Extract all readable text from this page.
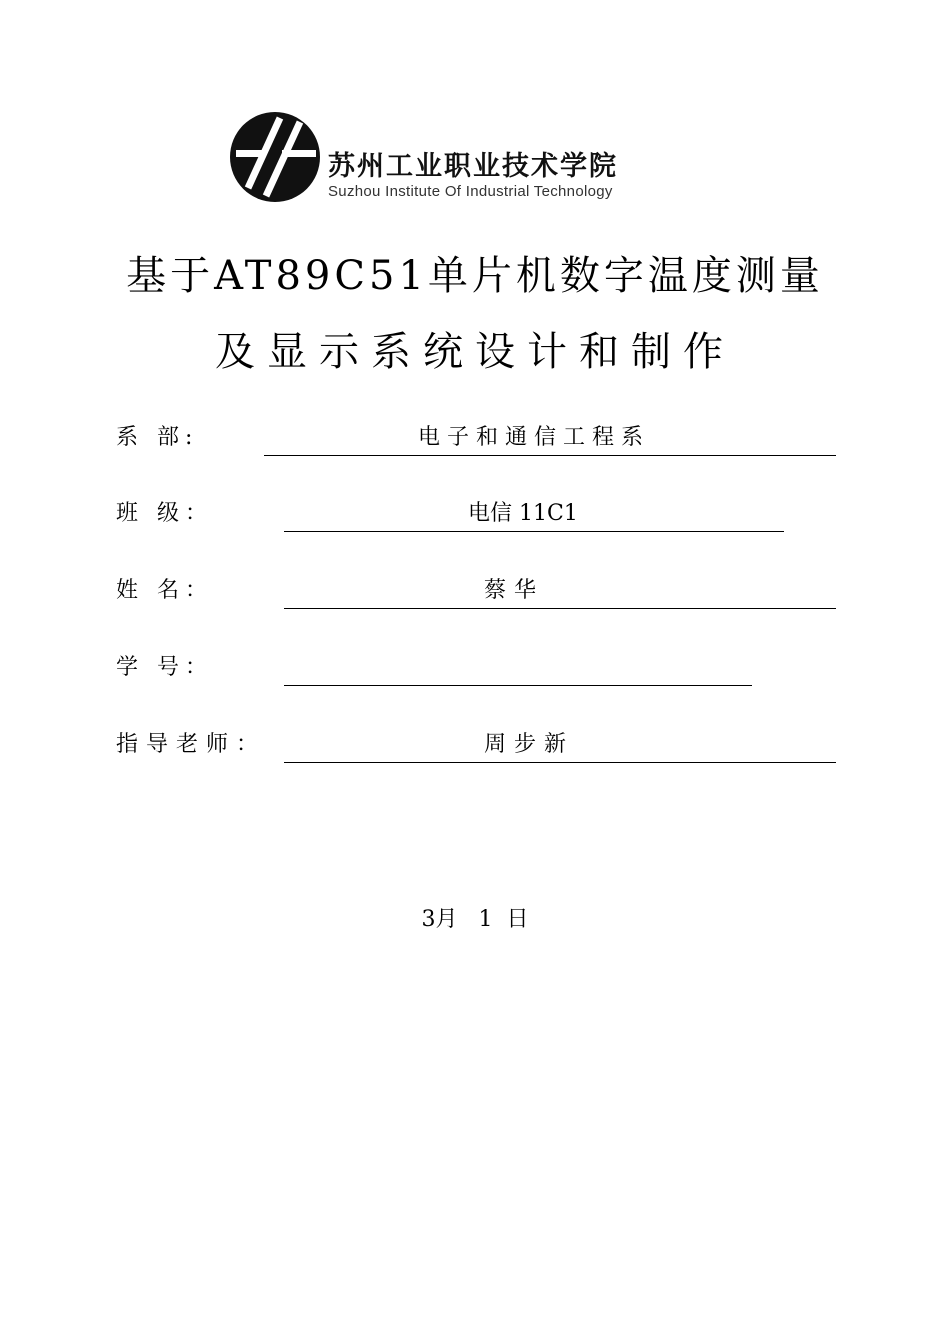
苏州工业职业技术学院
Suzhou Institute Of Industrial Technology
基于AT89C51单片机数字温度测量
及显示系统设计和制作
系 部:	电子和通信工程系
班 级：	电信 11C1
姓 名：	蔡华
学 号：
指导老师：	周步新
3月   1  日
